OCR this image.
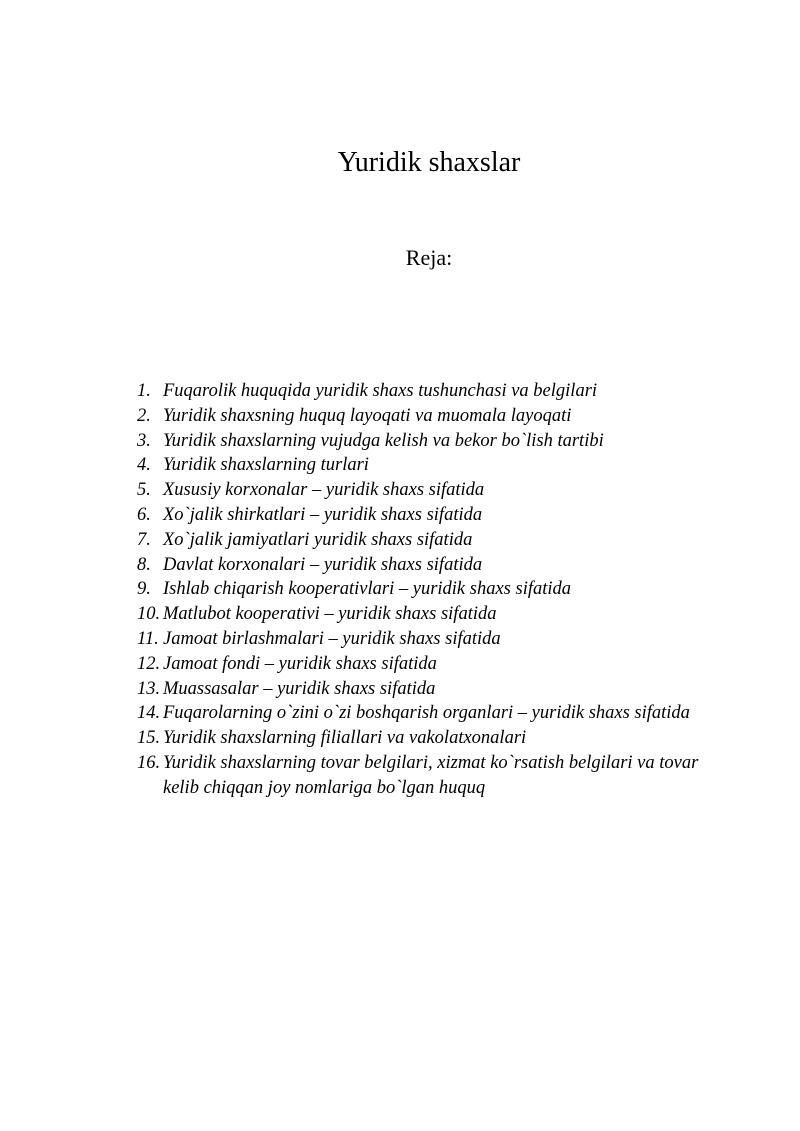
Yuridik shaxslar
Reja:
1. Fuqarolik huquqida yuridik shaxs tushunchasi va belgilari
2. Yuridik shaxsning huquq layoqati va muomala layoqati
3. Yuridik shaxslarning vujudga kelish va bekor bo`lish tartibi
4. Yuridik shaxslarning turlari
5. Xususiy korxonalar – yuridik shaxs sifatida
6. Xo`jalik shirkatlari – yuridik shaxs sifatida
7. Xo`jalik jamiyatlari yuridik shaxs sifatida
8. Davlat korxonalari – yuridik shaxs sifatida
9. Ishlab chiqarish kooperativlari – yuridik shaxs sifatida
10. Matlubot kooperativi – yuridik shaxs sifatida
11. Jamoat birlashmalari – yuridik shaxs sifatida
12. Jamoat fondi – yuridik shaxs sifatida
13. Muassasalar – yuridik shaxs sifatida
14. Fuqarolarning o`zini o`zi boshqarish organlari – yuridik shaxs sifatida
15. Yuridik shaxslarning filiallari va vakolatxonalari
16. Yuridik shaxslarning tovar belgilari, xizmat ko`rsatish belgilari va tovar kelib chiqqan joy nomlariga bo`lgan huquq
